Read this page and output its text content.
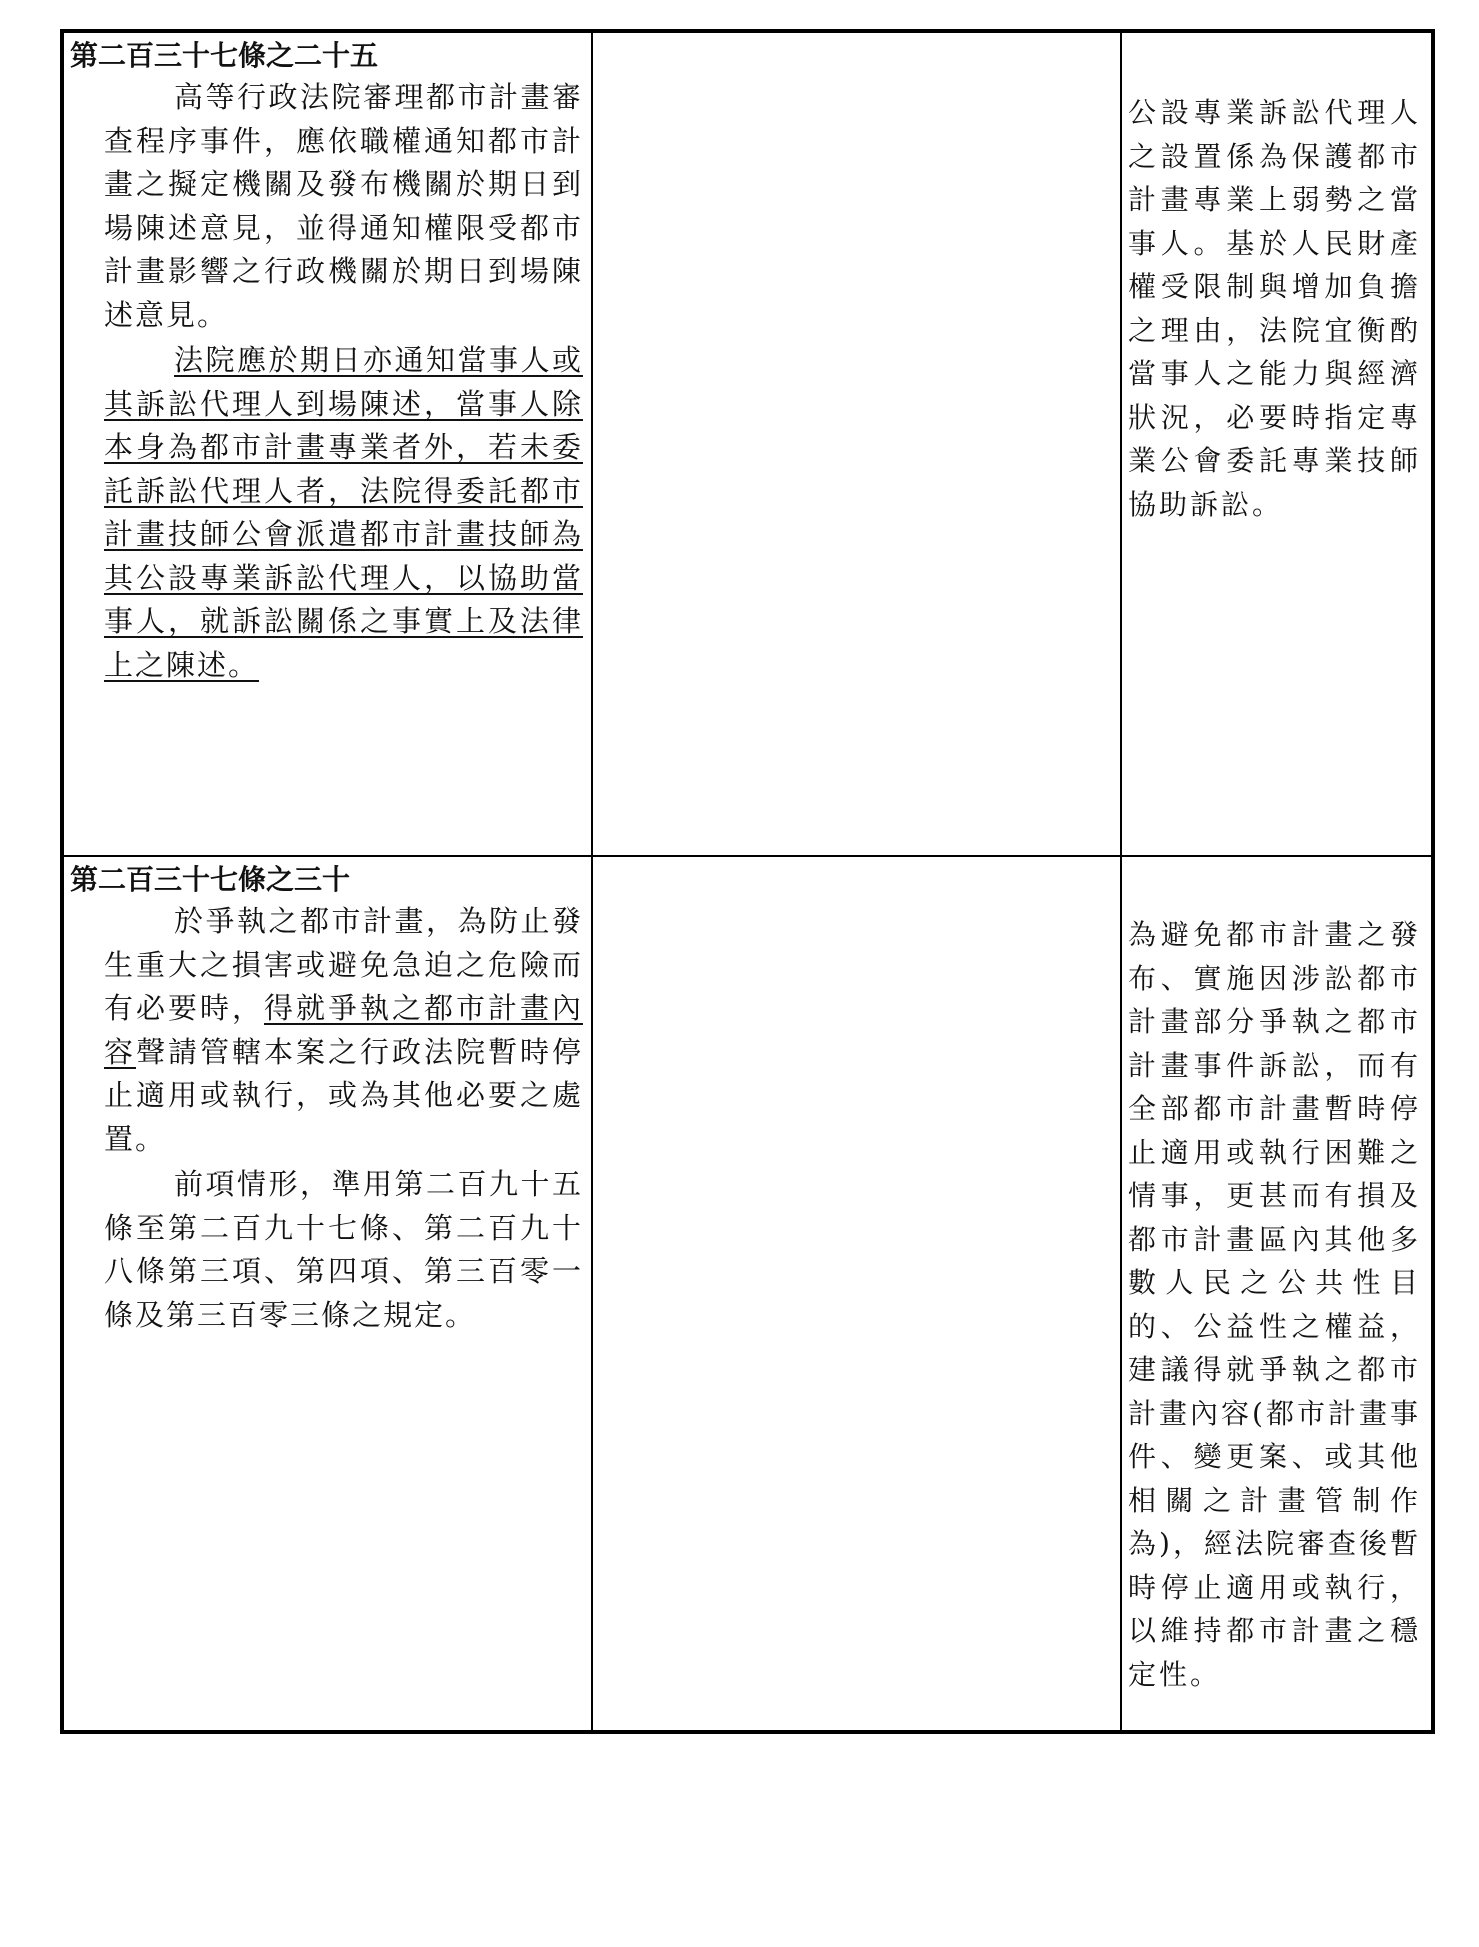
第二百三十七條之二十五

高等行政法院審理都市計畫審查程序事件，應依職權通知都市計畫之擬定機關及發布機關於期日到場陳述意見，並得通知權限受都市計畫影響之行政機關於期日到場陳述意見。

法院應於期日亦通知當事人或其訴訟代理人到場陳述，當事人除本身為都市計畫專業者外，若未委託訴訟代理人者，法院得委託都市計畫技師公會派遣都市計畫技師為其公設專業訴訟代理人，以協助當事人，就訴訟關係之事實上及法律上之陳述。		公設專業訴訟代理人之設置係為保護都市計畫專業上弱勢之當事人。基於人民財產權受限制與增加負擔之理由，法院宜衡酌當事人之能力與經濟狀況，必要時指定專業公會委託專業技師協助訴訟。

第二百三十七條之三十

於爭執之都市計畫，為防止發生重大之損害或避免急迫之危險而有必要時，得就爭執之都市計畫內容聲請管轄本案之行政法院暫時停止適用或執行，或為其他必要之處置。

前項情形，準用第二百九十五條至第二百九十七條、第二百九十八條第三項、第四項、第三百零一條及第三百零三條之規定。		為避免都市計畫之發布、實施因涉訟都市計畫部分爭執之都市計畫事件訴訟，而有全部都市計畫暫時停止適用或執行困難之情事，更甚而有損及都市計畫區內其他多數人民之公共性目的、公益性之權益，建議得就爭執之都市計畫內容(都市計畫事件、變更案、或其他相關之計畫管制作為)，經法院審查後暫時停止適用或執行，以維持都市計畫之穩定性。
